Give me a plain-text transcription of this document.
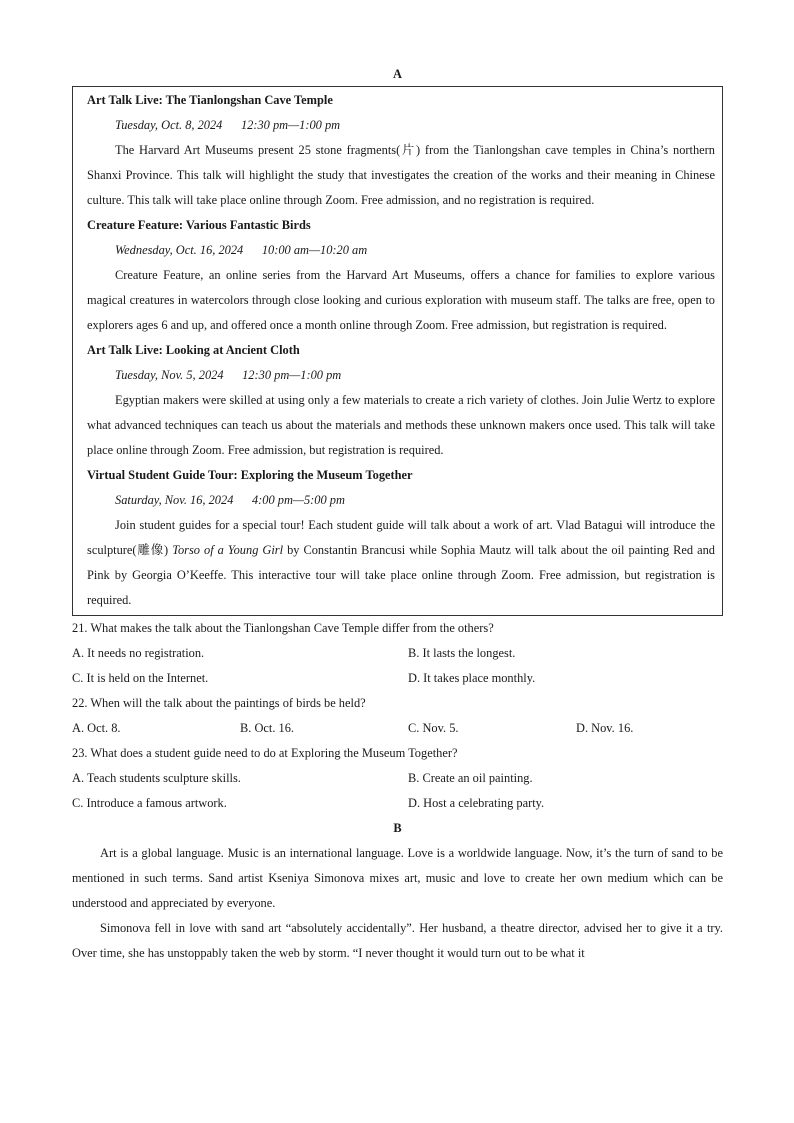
A
Art Talk Live: The Tianlongshan Cave Temple
Tuesday, Oct. 8, 2024      12:30 pm—1:00 pm

The Harvard Art Museums present 25 stone fragments(片) from the Tianlongshan cave temples in China’s northern Shanxi Province. This talk will highlight the study that investigates the creation of the works and their meaning in Chinese culture. This talk will take place online through Zoom. Free admission, and no registration is required.

Creature Feature: Various Fantastic Birds
Wednesday, Oct. 16, 2024      10:00 am—10:20 am

Creature Feature, an online series from the Harvard Art Museums, offers a chance for families to explore various magical creatures in watercolors through close looking and curious exploration with museum staff. The talks are free, open to explorers ages 6 and up, and offered once a month online through Zoom. Free admission, but registration is required.

Art Talk Live: Looking at Ancient Cloth
Tuesday, Nov. 5, 2024      12:30 pm—1:00 pm

Egyptian makers were skilled at using only a few materials to create a rich variety of clothes. Join Julie Wertz to explore what advanced techniques can teach us about the materials and methods these unknown makers once used. This talk will take place online through Zoom. Free admission, but registration is required.

Virtual Student Guide Tour: Exploring the Museum Together
Saturday, Nov. 16, 2024      4:00 pm—5:00 pm

Join student guides for a special tour! Each student guide will talk about a work of art. Vlad Batagui will introduce the sculpture(雕像) Torso of a Young Girl by Constantin Brancusi while Sophia Mautz will talk about the oil painting Red and Pink by Georgia O’Keeffe. This interactive tour will take place online through Zoom. Free admission, but registration is required.

21. What makes the talk about the Tianlongshan Cave Temple differ from the others?
A. It needs no registration.	B. It lasts the longest.
C. It is held on the Internet.	D. It takes place monthly.
22. When will the talk about the paintings of birds be held?
A. Oct. 8.	B. Oct. 16.	C. Nov. 5.	D. Nov. 16.
23. What does a student guide need to do at Exploring the Museum Together?
A. Teach students sculpture skills.	B. Create an oil painting.
C. Introduce a famous artwork.	D. Host a celebrating party.
B

Art is a global language. Music is an international language. Love is a worldwide language. Now, it’s the turn of sand to be mentioned in such terms. Sand artist Kseniya Simonova mixes art, music and love to create her own medium which can be understood and appreciated by everyone.

Simonova fell in love with sand art “absolutely accidentally”. Her husband, a theatre director, advised her to give it a try. Over time, she has unstoppably taken the web by storm. “I never thought it would turn out to be what it
